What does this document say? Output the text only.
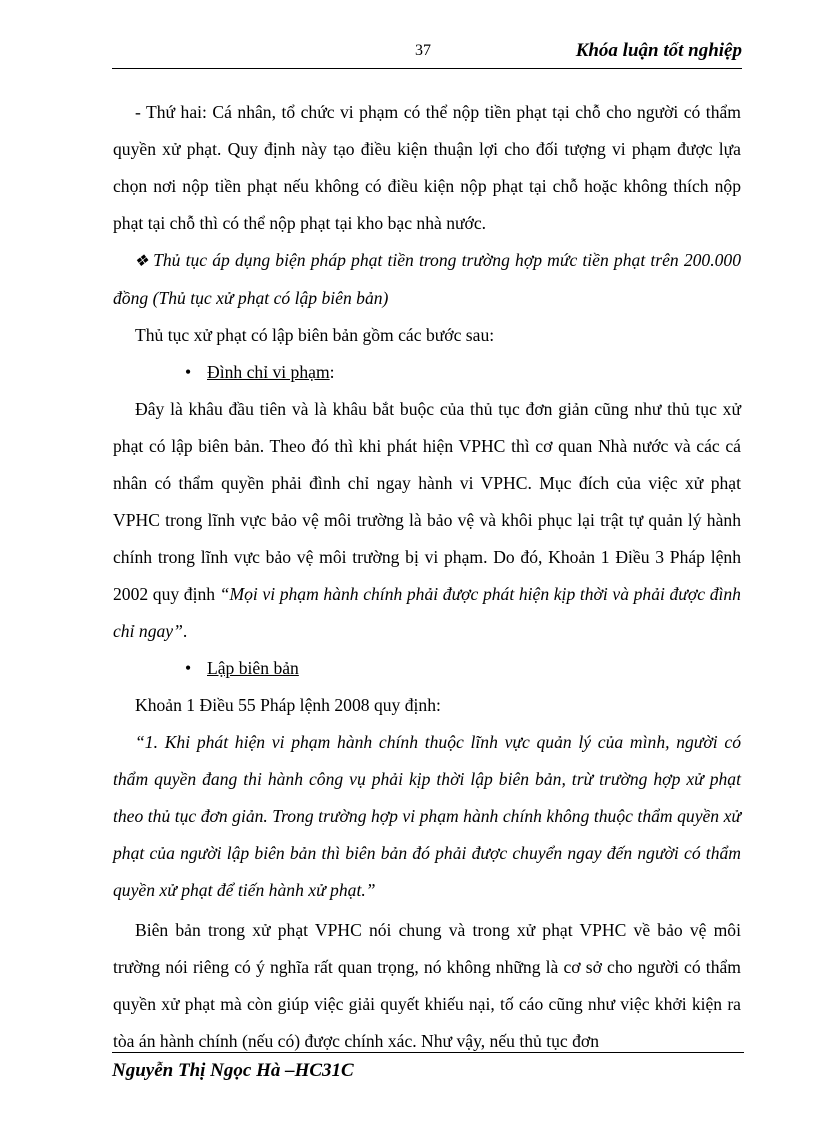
37	Khóa luận tốt nghiệp

- Thứ hai: Cá nhân, tổ chức vi phạm có thể nộp tiền phạt tại chỗ cho người có thẩm quyền xử phạt. Quy định này tạo điều kiện thuận lợi cho đối tượng vi phạm được lựa chọn nơi nộp tiền phạt nếu không có điều kiện nộp phạt tại chỗ hoặc không thích nộp phạt tại chỗ thì có thể nộp phạt tại kho bạc nhà nước.

❖ Thủ tục áp dụng biện pháp phạt tiền trong trường hợp mức tiền phạt trên 200.000 đồng (Thủ tục xử phạt có lập biên bản)

Thủ tục xử phạt có lập biên bản gồm các bước sau:

• Đình chỉ vi phạm:

Đây là khâu đầu tiên và là khâu bắt buộc của thủ tục đơn giản cũng như thủ tục xử phạt có lập biên bản. Theo đó thì khi phát hiện VPHC thì cơ quan Nhà nước và các cá nhân có thẩm quyền phải đình chỉ ngay hành vi VPHC. Mục đích của việc xử phạt VPHC trong lĩnh vực bảo vệ môi trường là bảo vệ và khôi phục lại trật tự quản lý hành chính trong lĩnh vực bảo vệ môi trường bị vi phạm. Do đó, Khoản 1 Điều 3 Pháp lệnh 2002 quy định “Mọi vi phạm hành chính phải được phát hiện kịp thời và phải được đình chỉ ngay”.

• Lập biên bản

Khoản 1 Điều 55 Pháp lệnh 2008 quy định:

“1. Khi phát hiện vi phạm hành chính thuộc lĩnh vực quản lý của mình, người có thẩm quyền đang thi hành công vụ phải kịp thời lập biên bản, trừ trường hợp xử phạt theo thủ tục đơn giản. Trong trường hợp vi phạm hành chính không thuộc thẩm quyền xử phạt của người lập biên bản thì biên bản đó phải được chuyển ngay đến người có thẩm quyền xử phạt để tiến hành xử phạt.”

Biên bản trong xử phạt VPHC nói chung và trong xử phạt VPHC về bảo vệ môi trường nói riêng có ý nghĩa rất quan trọng, nó không những là cơ sở cho người có thẩm quyền xử phạt mà còn giúp việc giải quyết khiếu nại, tố cáo cũng như việc khởi kiện ra tòa án hành chính (nếu có) được chính xác. Như vậy, nếu thủ tục đơn

Nguyễn Thị Ngọc Hà –HC31C
